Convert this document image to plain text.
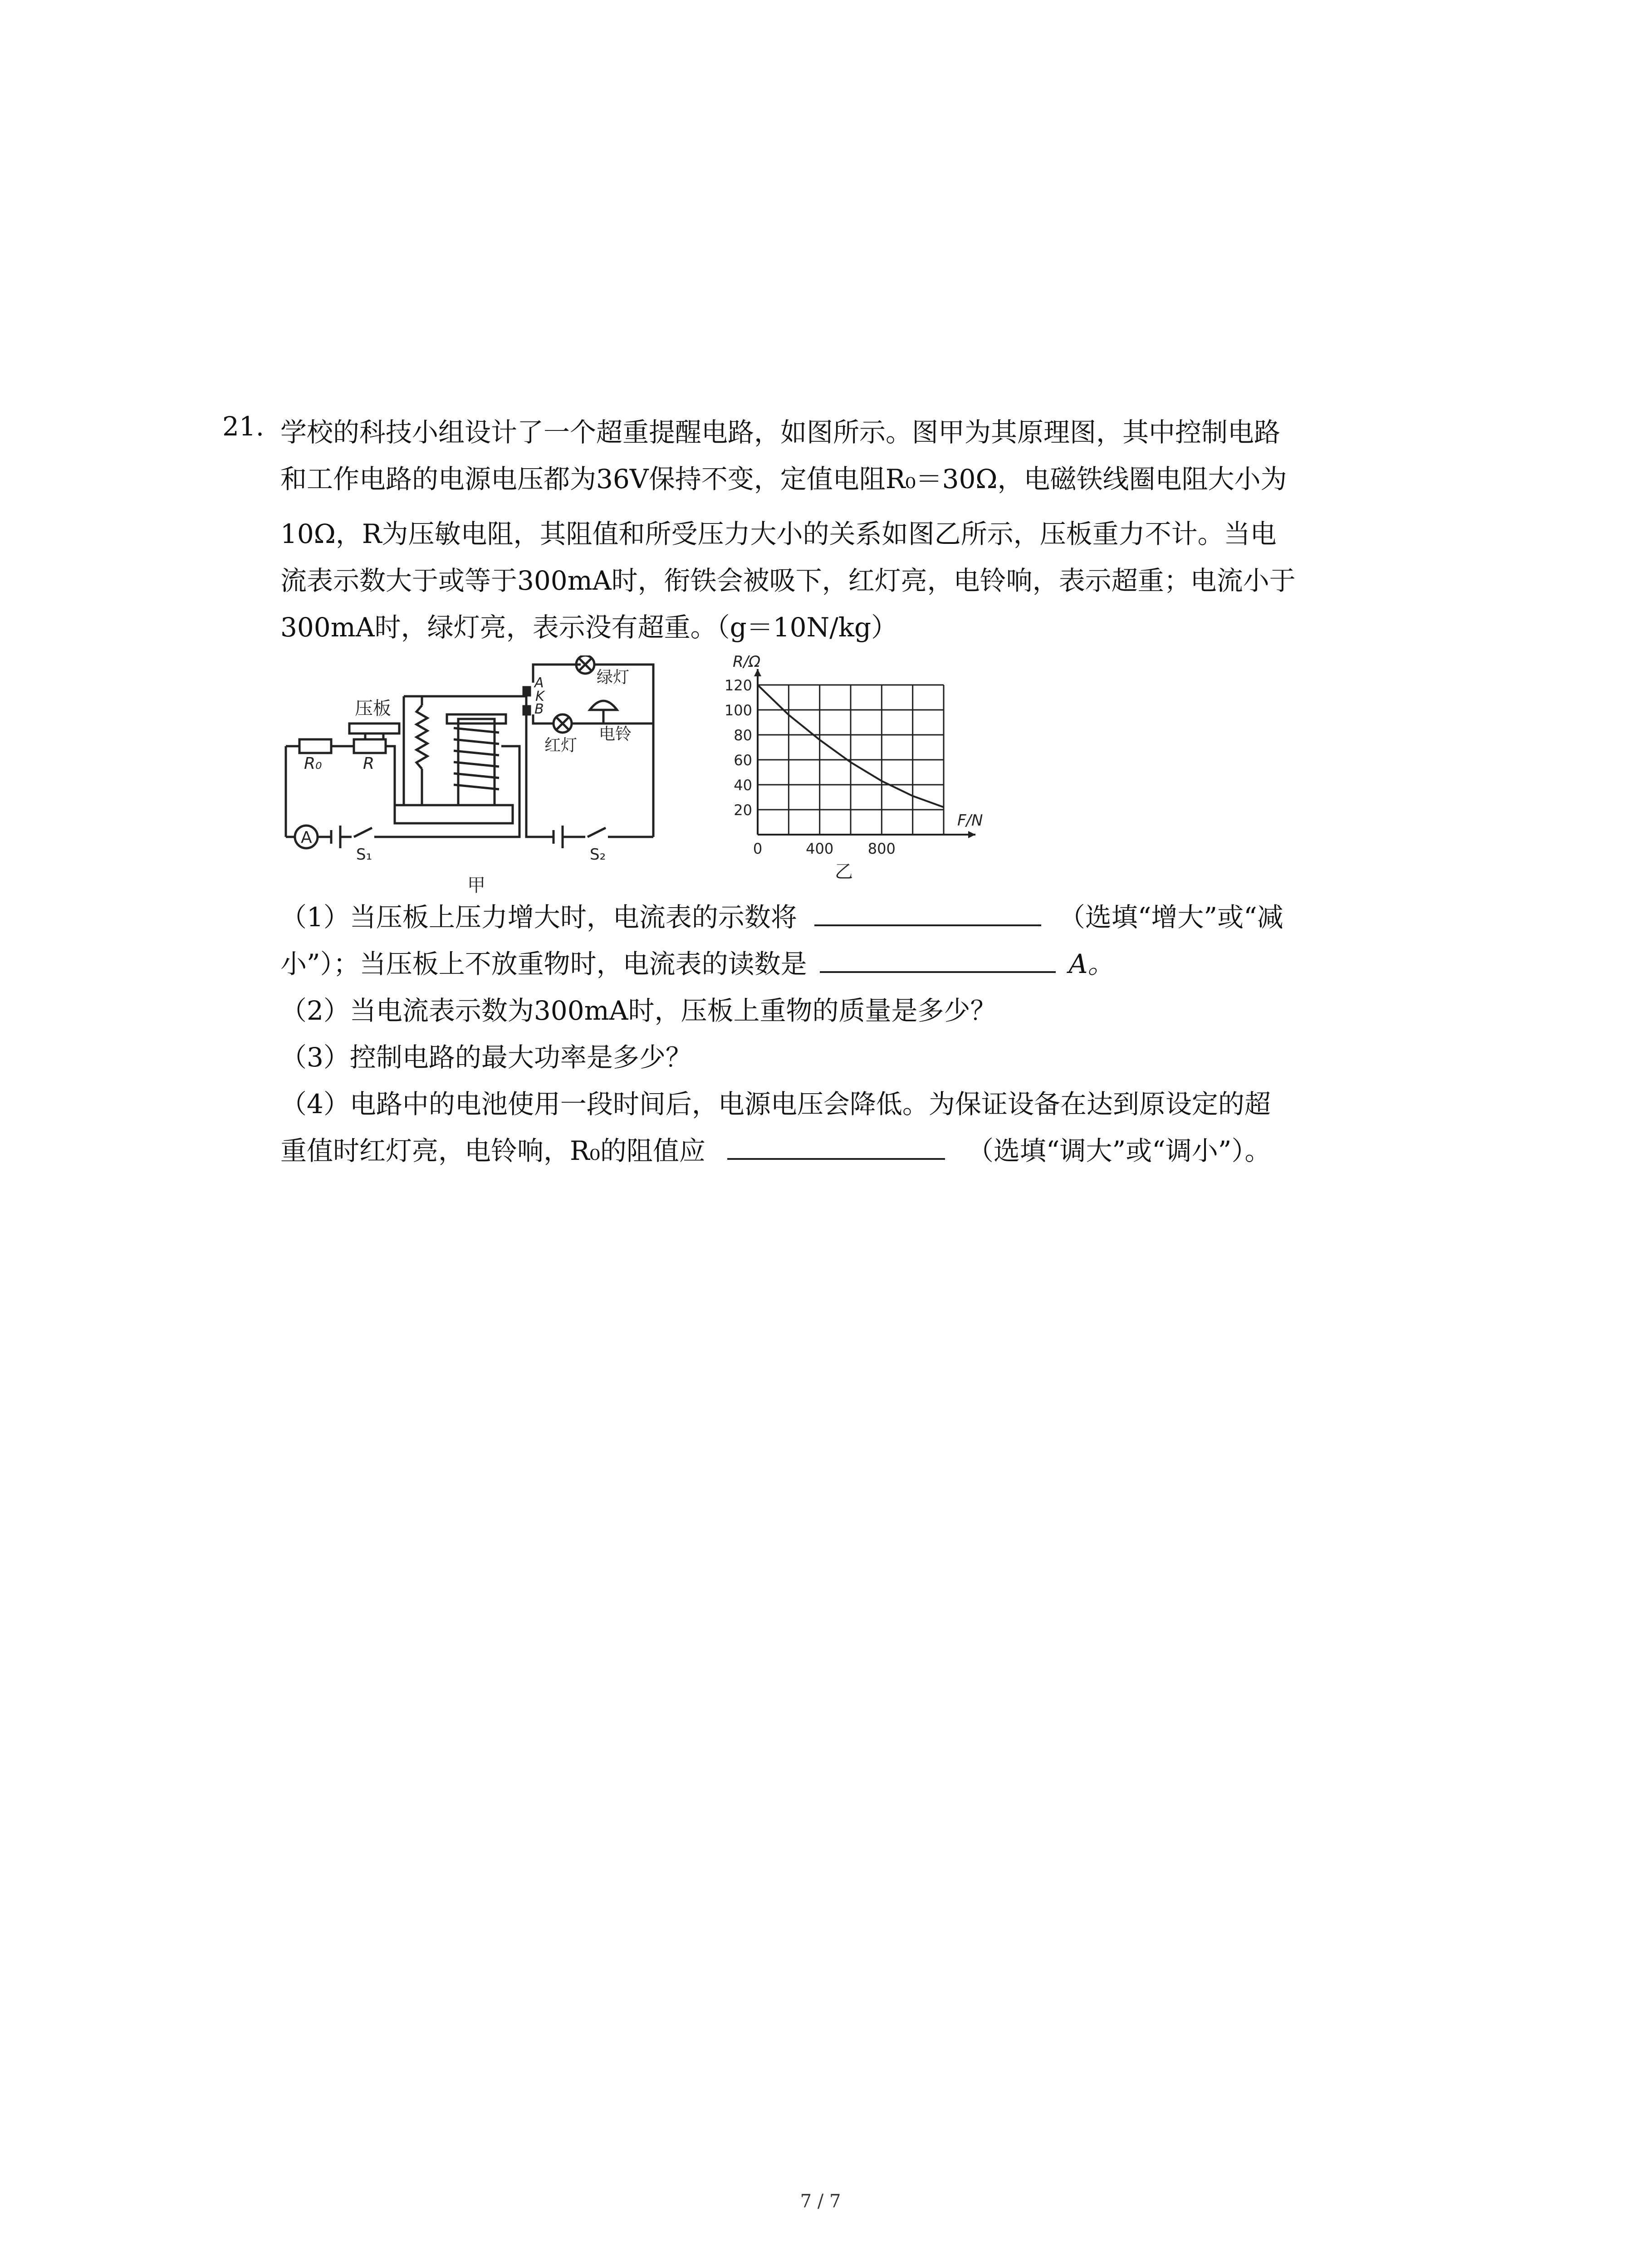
21. 学校的科技小组设计了一个超重提醒电路，如图所示。图甲为其原理图，其中控制电路
和工作电路的电源电压都为36V保持不变，定值电阻R₀＝30Ω，电磁铁线圈电阻大小为
10Ω，R为压敏电阻，其阻值和所受压力大小的关系如图乙所示，压板重力不计。当电
流表示数大于或等于300mA时，衔铁会被吸下，红灯亮，电铃响，表示超重；电流小于
300mA时，绿灯亮，表示没有超重。（g＝10N/kg）
压板
R₀	R
A
S₁	S₂
绿灯
红灯
电铃
A
K
B
甲
20
40
60
80
100
120
0	400 800
R/Ω
F/N
乙
（1）当压板上压力增大时，电流表的示数将	（选填“增大”或“减
小”）；当压板上不放重物时，电流表的读数是	A。
（2）当电流表示数为300mA时，压板上重物的质量是多少？
（3）控制电路的最大功率是多少？
（4）电路中的电池使用一段时间后，电源电压会降低。为保证设备在达到原设定的超
重值时红灯亮，电铃响，R₀的阻值应	（选填“调大”或“调小”）。
7 / 7
